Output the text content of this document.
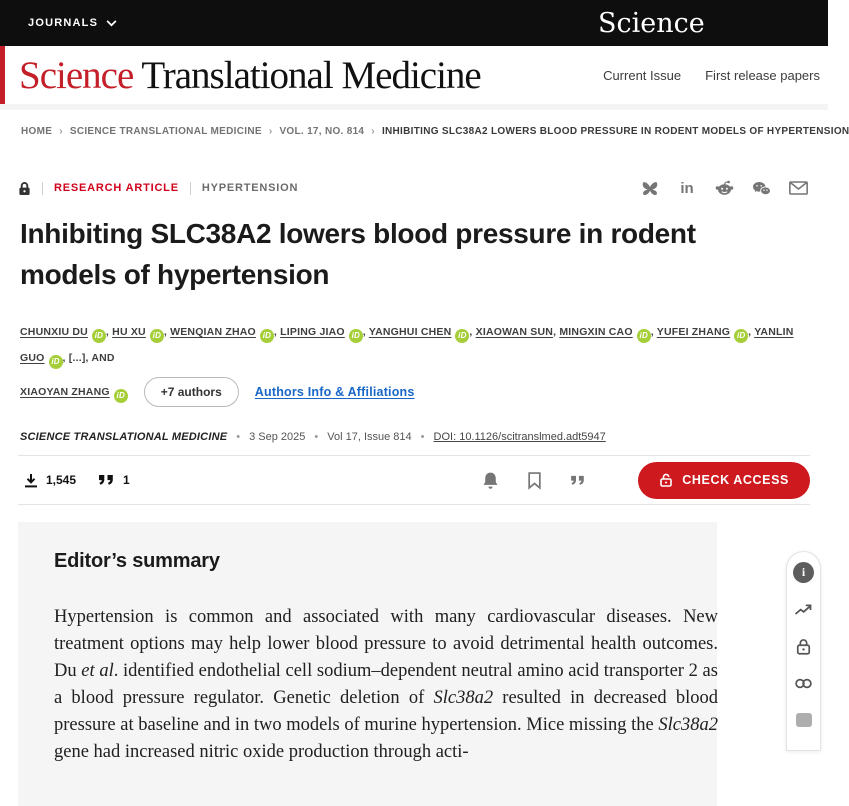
JOURNALS	Science
Science Translational Medicine	Current Issue First release papers
HOME › SCIENCE TRANSLATIONAL MEDICINE › VOL. 17, NO. 814 › INHIBITING SLC38A2 LOWERS BLOOD PRESSURE IN RODENT MODELS OF HYPERTENSION
RESEARCH ARTICLE HYPERTENSION	in
Inhibiting SLC38A2 lowers blood pressure in rodent models of hypertension
CHUNXIU DU iD , HU XU iD , WENQIAN ZHAO iD , LIPING JIAO iD , YANGHUI CHEN iD , XIAOWAN SUN, MINGXIN CAO iD , YUFEI ZHANG iD , YANLIN GUO iD , [...], AND
XIAOYAN ZHANG iD	+7 authors	Authors Info & Affiliations
SCIENCE TRANSLATIONAL MEDICINE • 3 Sep 2025 • Vol 17, Issue 814 • DOI: 10.1126/scitranslmed.adt5947
1,545	1	CHECK ACCESS
Editor’s summary

Hypertension is common and associated with many cardiovascular diseases. New treatment options may help lower blood pressure to avoid detrimental health outcomes. Du et al. identified endothelial cell sodium–dependent neutral amino acid transporter 2 as a blood pressure regulator. Genetic deletion of Slc38a2 resulted in decreased blood pressure at baseline and in two models of murine hypertension. Mice missing the Slc38a2 gene had increased nitric oxide production through acti-

i
